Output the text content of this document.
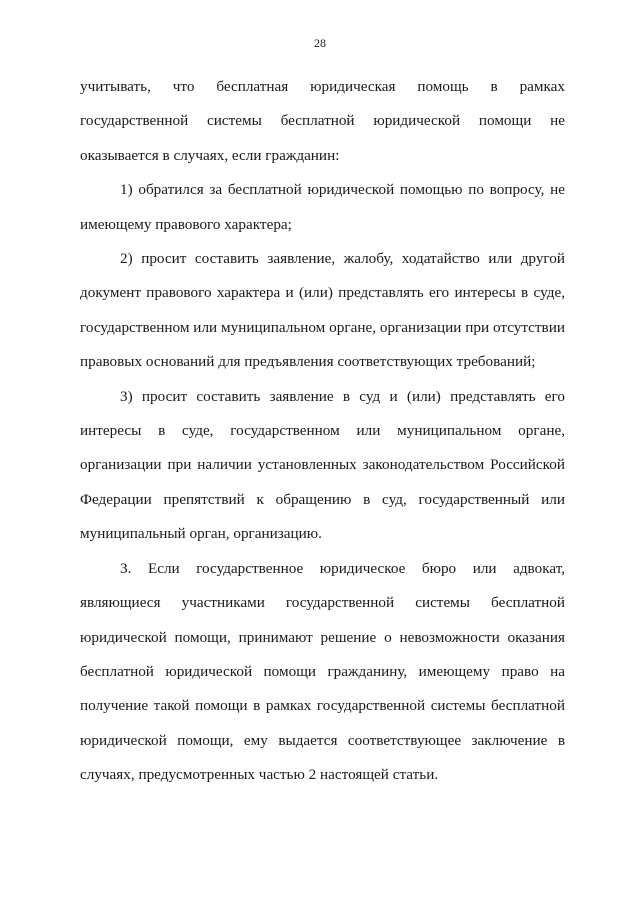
28

учитывать, что бесплатная юридическая помощь в рамках государственной системы бесплатной юридической помощи не оказывается в случаях, если гражданин:

1) обратился за бесплатной юридической помощью по вопросу, не имеющему правового характера;

2) просит составить заявление, жалобу, ходатайство или другой документ правового характера и (или) представлять его интересы в суде, государственном или муниципальном органе, организации при отсутствии правовых оснований для предъявления соответствующих требований;

3) просит составить заявление в суд и (или) представлять его интересы в суде, государственном или муниципальном органе, организации при наличии установленных законодательством Российской Федерации препятствий к обращению в суд, государственный или муниципальный орган, организацию.

3. Если государственное юридическое бюро или адвокат, являющиеся участниками государственной системы бесплатной юридической помощи, принимают решение о невозможности оказания бесплатной юридической помощи гражданину, имеющему право на получение такой помощи в рамках государственной системы бесплатной юридической помощи, ему выдается соответствующее заключение в случаях, предусмотренных частью 2 настоящей статьи.
